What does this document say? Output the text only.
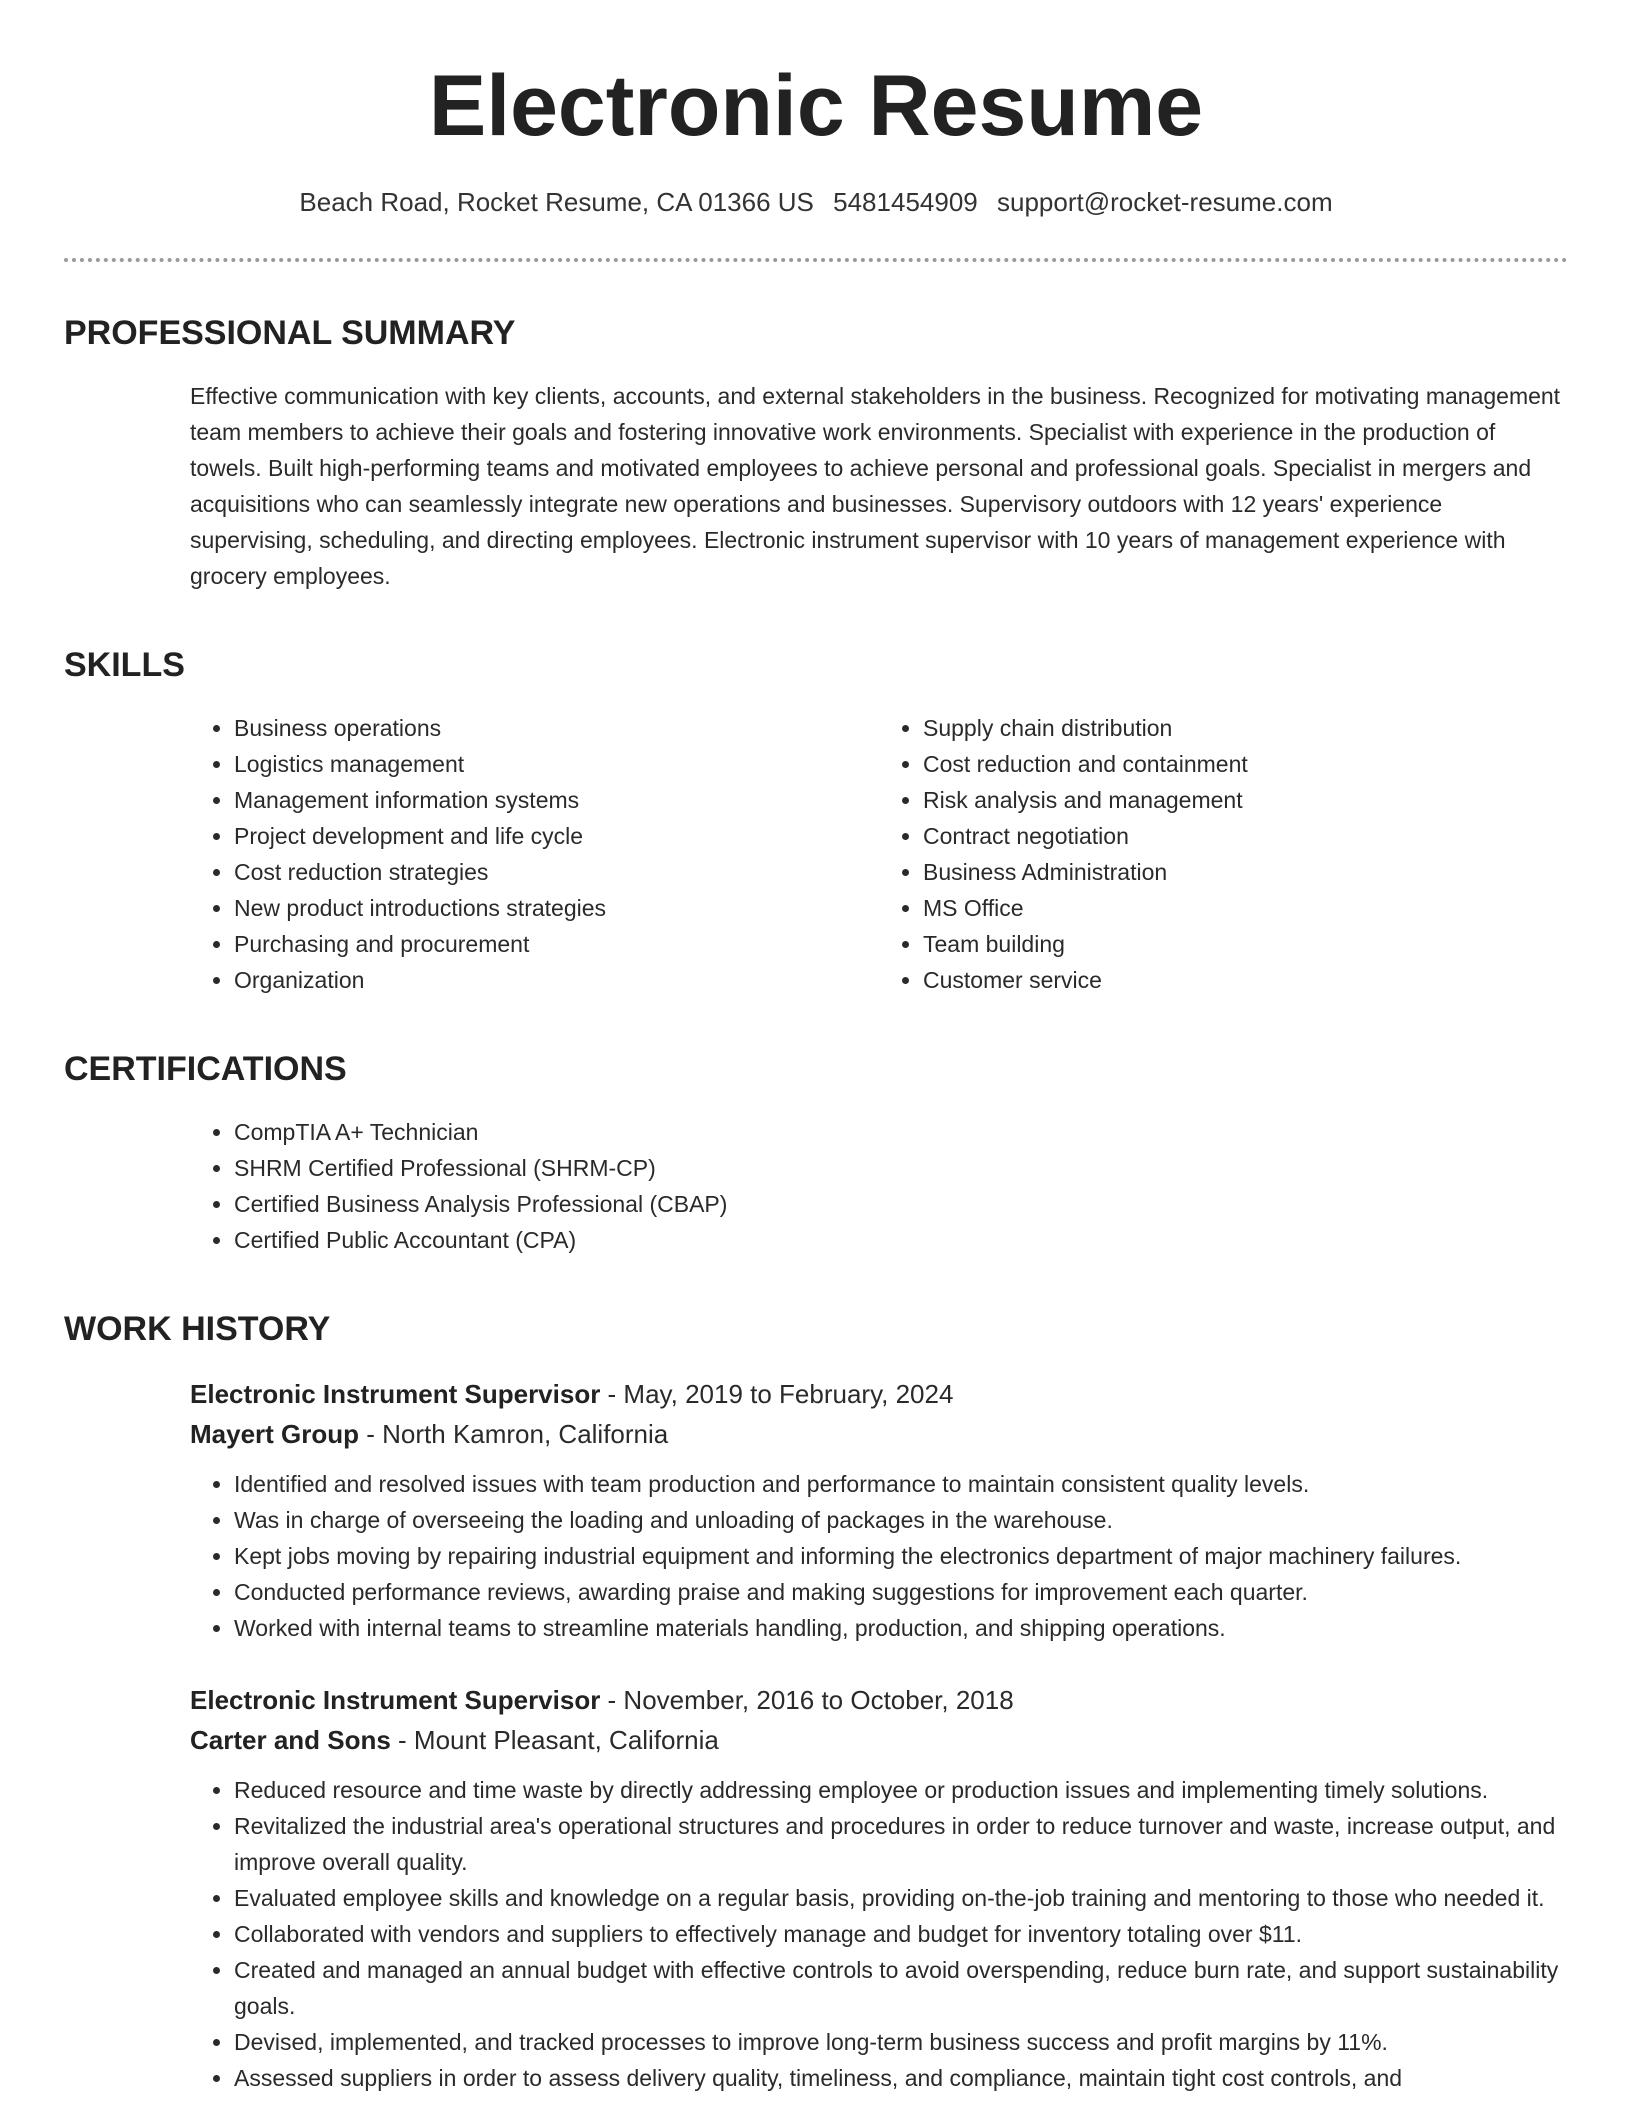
Electronic Resume
Beach Road, Rocket Resume, CA 01366 US 5481454909 support@rocket-resume.com
PROFESSIONAL SUMMARY
Effective communication with key clients, accounts, and external stakeholders in the business. Recognized for motivating management team members to achieve their goals and fostering innovative work environments. Specialist with experience in the production of towels. Built high-performing teams and motivated employees to achieve personal and professional goals. Specialist in mergers and acquisitions who can seamlessly integrate new operations and businesses. Supervisory outdoors with 12 years' experience supervising, scheduling, and directing employees. Electronic instrument supervisor with 10 years of management experience with grocery employees.
SKILLS
• Business operations
• Logistics management
• Management information systems
• Project development and life cycle
• Cost reduction strategies
• New product introductions strategies
• Purchasing and procurement
• Organization
• Supply chain distribution
• Cost reduction and containment
• Risk analysis and management
• Contract negotiation
• Business Administration
• MS Office
• Team building
• Customer service
CERTIFICATIONS
• CompTIA A+ Technician
• SHRM Certified Professional (SHRM-CP)
• Certified Business Analysis Professional (CBAP)
• Certified Public Accountant (CPA)
WORK HISTORY
Electronic Instrument Supervisor - May, 2019 to February, 2024
Mayert Group - North Kamron, California
• Identified and resolved issues with team production and performance to maintain consistent quality levels.
• Was in charge of overseeing the loading and unloading of packages in the warehouse.
• Kept jobs moving by repairing industrial equipment and informing the electronics department of major machinery failures.
• Conducted performance reviews, awarding praise and making suggestions for improvement each quarter.
• Worked with internal teams to streamline materials handling, production, and shipping operations.
Electronic Instrument Supervisor - November, 2016 to October, 2018
Carter and Sons - Mount Pleasant, California
• Reduced resource and time waste by directly addressing employee or production issues and implementing timely solutions.
• Revitalized the industrial area's operational structures and procedures in order to reduce turnover and waste, increase output, and improve overall quality.
• Evaluated employee skills and knowledge on a regular basis, providing on-the-job training and mentoring to those who needed it.
• Collaborated with vendors and suppliers to effectively manage and budget for inventory totaling over $11.
• Created and managed an annual budget with effective controls to avoid overspending, reduce burn rate, and support sustainability goals.
• Devised, implemented, and tracked processes to improve long-term business success and profit margins by 11%.
• Assessed suppliers in order to assess delivery quality, timeliness, and compliance, maintain tight cost controls, and
